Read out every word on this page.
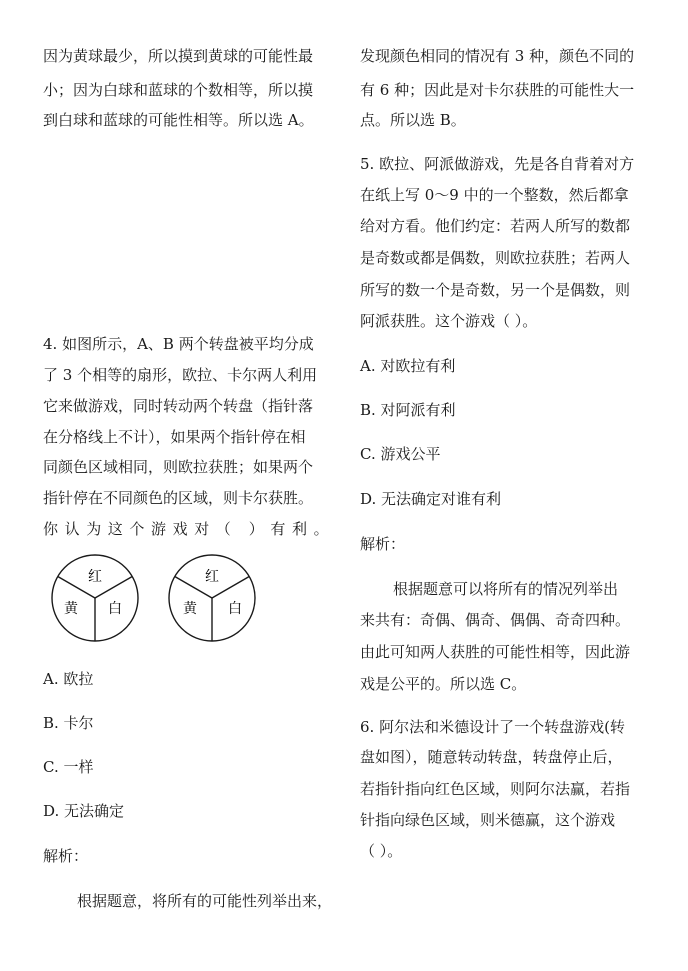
因为黄球最少，所以摸到黄球的可能性最
小；因为白球和蓝球的个数相等，所以摸
到白球和蓝球的可能性相等。所以选 A。
4. 如图所示，A、B 两个转盘被平均分成
了 3 个相等的扇形，欧拉、卡尔两人利用
它来做游戏，同时转动两个转盘（指针落
在分格线上不计），如果两个指针停在相
同颜色区域相同，则欧拉获胜；如果两个
指针停在不同颜色的区域，则卡尔获胜。
你认为这个游戏对（ ）有利。
红
黄 白
红
黄 白
A. 欧拉
B. 卡尔
C. 一样
D. 无法确定
解析：
根据题意，将所有的可能性列举出来，
发现颜色相同的情况有 3 种，颜色不同的
有 6 种；因此是对卡尔获胜的可能性大一
点。所以选 B。
5. 欧拉、阿派做游戏，先是各自背着对方
在纸上写 0～9 中的一个整数，然后都拿
给对方看。他们约定：若两人所写的数都
是奇数或都是偶数，则欧拉获胜；若两人
所写的数一个是奇数，另一个是偶数，则
阿派获胜。这个游戏（ ）。
A. 对欧拉有利
B. 对阿派有利
C. 游戏公平
D. 无法确定对谁有利
解析：
根据题意可以将所有的情况列举出
来共有：奇偶、偶奇、偶偶、奇奇四种。
由此可知两人获胜的可能性相等，因此游
戏是公平的。所以选 C。
6. 阿尔法和米德设计了一个转盘游戏(转
盘如图），随意转动转盘，转盘停止后，
若指针指向红色区域，则阿尔法赢，若指
针指向绿色区域，则米德赢，这个游戏
（ ）。
